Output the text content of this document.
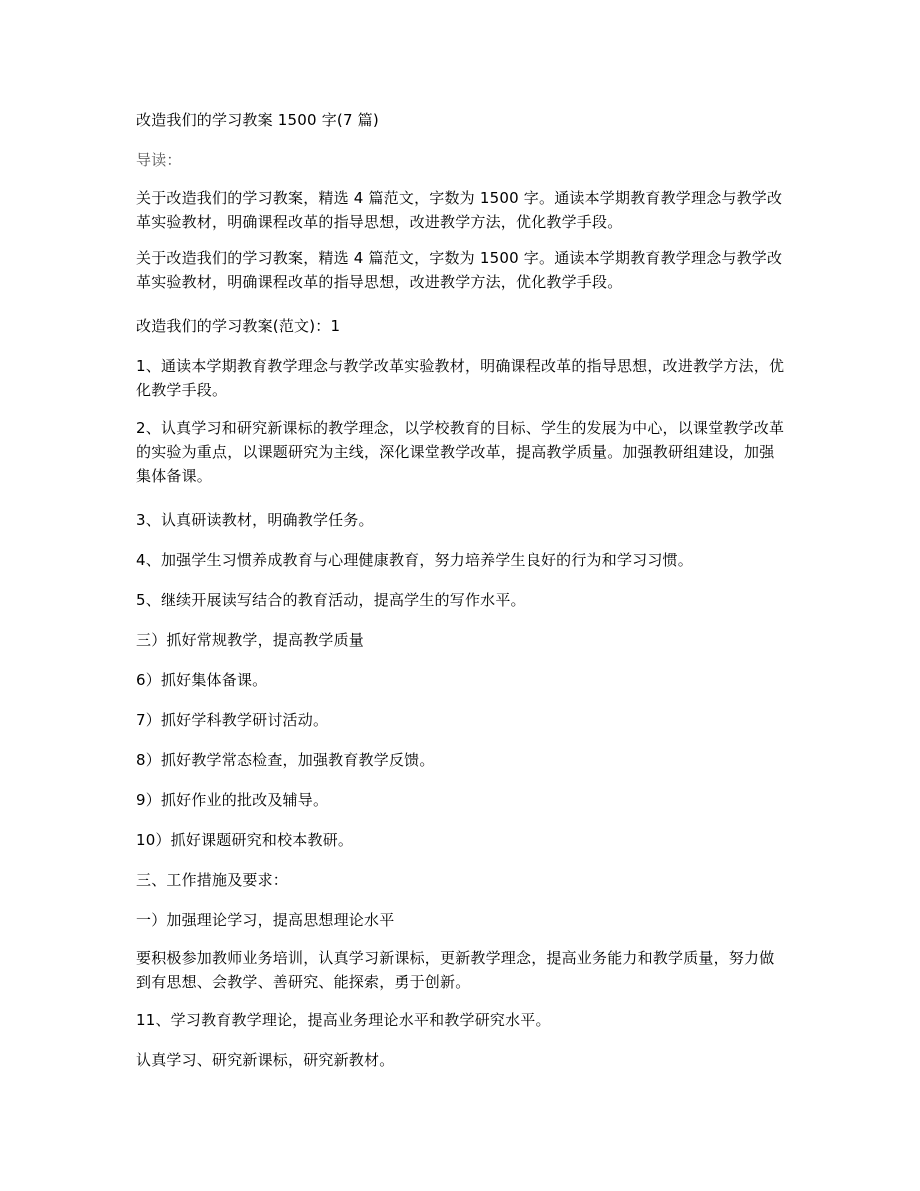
改造我们的学习教案 1500 字(7 篇)

导读：

关于改造我们的学习教案，精选 4 篇范文，字数为 1500 字。通读本学期教育教学理念与教学改革实验教材，明确课程改革的指导思想，改进教学方法，优化教学手段。

关于改造我们的学习教案，精选 4 篇范文，字数为 1500 字。通读本学期教育教学理念与教学改革实验教材，明确课程改革的指导思想，改进教学方法，优化教学手段。

改造我们的学习教案(范文)：1

1、通读本学期教育教学理念与教学改革实验教材，明确课程改革的指导思想，改进教学方法，优化教学手段。

2、认真学习和研究新课标的教学理念，以学校教育的目标、学生的发展为中心，以课堂教学改革的实验为重点，以课题研究为主线，深化课堂教学改革，提高教学质量。加强教研组建设，加强集体备课。

3、认真研读教材，明确教学任务。

4、加强学生习惯养成教育与心理健康教育，努力培养学生良好的行为和学习习惯。

5、继续开展读写结合的教育活动，提高学生的写作水平。

三）抓好常规教学，提高教学质量

6）抓好集体备课。

7）抓好学科教学研讨活动。

8）抓好教学常态检查，加强教育教学反馈。

9）抓好作业的批改及辅导。

10）抓好课题研究和校本教研。

三、工作措施及要求：

一）加强理论学习，提高思想理论水平

要积极参加教师业务培训，认真学习新课标，更新教学理念，提高业务能力和教学质量，努力做到有思想、会教学、善研究、能探索，勇于创新。

11、学习教育教学理论，提高业务理论水平和教学研究水平。

认真学习、研究新课标，研究新教材。
